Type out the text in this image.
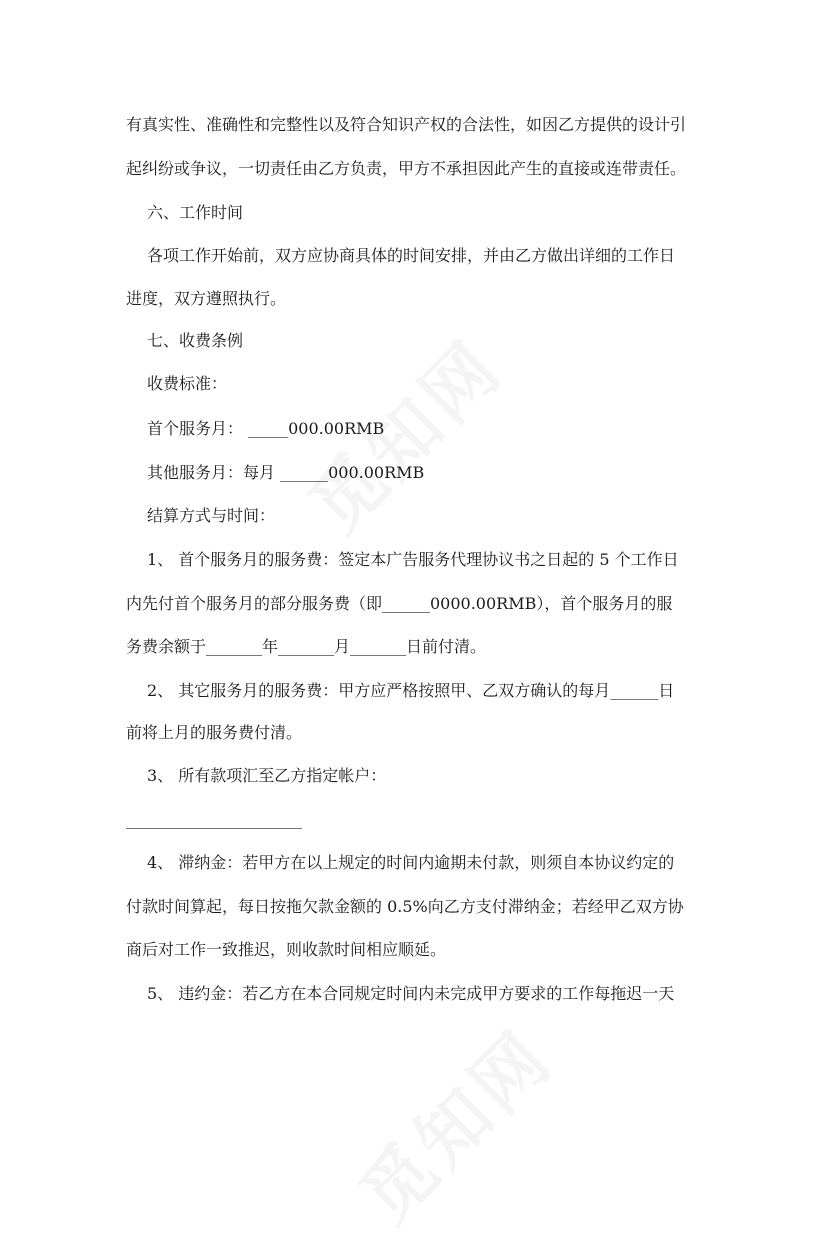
有真实性、准确性和完整性以及符合知识产权的合法性，如因乙方提供的设计引
起纠纷或争议，一切责任由乙方负责，甲方不承担因此产生的直接或连带责任。
六、工作时间
各项工作开始前，双方应协商具体的时间安排，并由乙方做出详细的工作日
进度，双方遵照执行。
七、收费条例
收费标准：
首个服务月： _____000.00RMB
其他服务月：每月 ______000.00RMB
结算方式与时间：
1、 首个服务月的服务费：签定本广告服务代理协议书之日起的 5 个工作日
内先付首个服务月的部分服务费（即______0000.00RMB），首个服务月的服
务费余额于_______年_______月_______日前付清。
2、 其它服务月的服务费：甲方应严格按照甲、乙双方确认的每月______日
前将上月的服务费付清。
3、 所有款项汇至乙方指定帐户：
______________________
4、 滞纳金：若甲方在以上规定的时间内逾期未付款，则须自本协议约定的
付款时间算起，每日按拖欠款金额的 0.5%向乙方支付滞纳金；若经甲乙双方协
商后对工作一致推迟，则收款时间相应顺延。
5、 违约金：若乙方在本合同规定时间内未完成甲方要求的工作每拖迟一天
